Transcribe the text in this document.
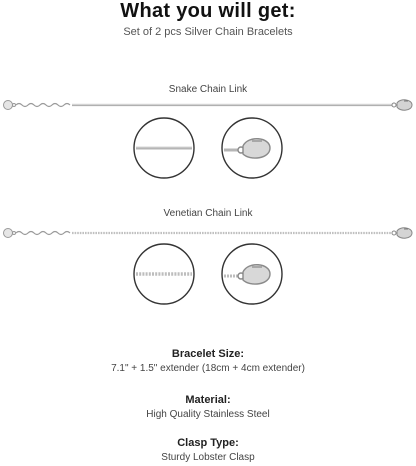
What you will get:
Set of 2 pcs Silver Chain Bracelets
Snake Chain Link
Venetian Chain Link
Bracelet Size:
7.1" + 1.5" extender (18cm + 4cm extender)
Material:
High Quality Stainless Steel
Clasp Type:
Sturdy Lobster Clasp
